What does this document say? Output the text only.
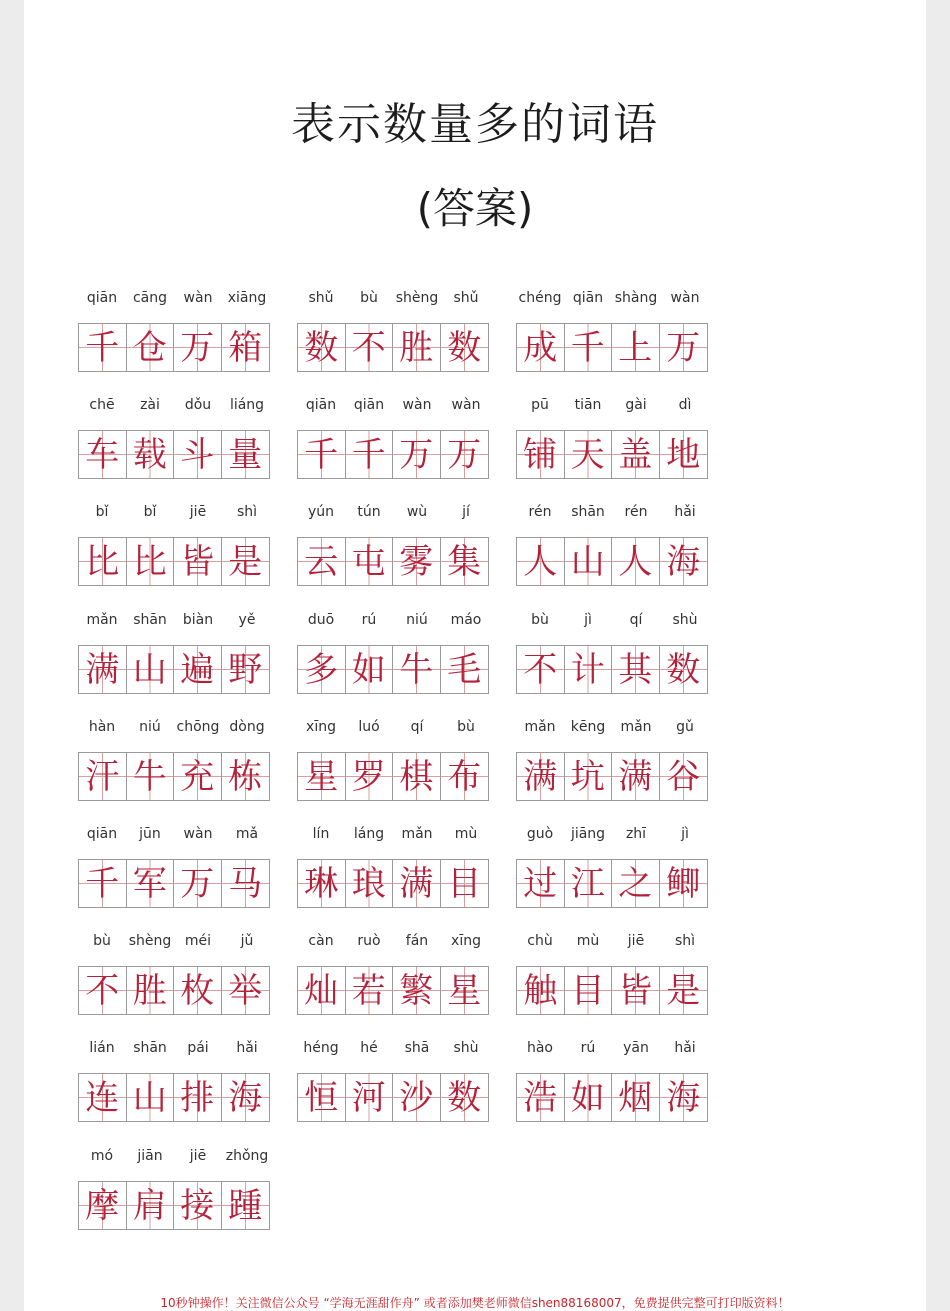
表示数量多的词语
(答案)
qiān	cāng	wàn	xiāng
千 仓 万 箱
shǔ	bù	shèng	shǔ
数 不 胜 数
chéng qiān shàng wàn
成 千 上 万
chē	zài	dǒu	liáng
车 载 斗 量
qiān	qiān	wàn	wàn
千 千 万 万
pū	tiān	gài	dì
铺 天 盖 地
bǐ	bǐ	jiē	shì
比 比 皆 是
yún	tún	wù	jí
云 屯 雾 集
rén	shān	rén	hǎi
人 山 人 海
mǎn	shān	biàn	yě
满 山 遍 野
duō	rú	niú	máo
多 如 牛 毛
bù	jì	qí	shù
不 计 其 数
hàn	niú	chōng dòng
汗 牛 充 栋
xīng	luó	qí	bù
星 罗 棋 布
mǎn	kēng	mǎn	gǔ
满 坑 满 谷
qiān	jūn	wàn	mǎ
千 军 万 马
lín	láng	mǎn	mù
琳 琅 满 目
guò	jiāng	zhī	jì
过 江 之 鲫
bù	shèng méi	jǔ
不 胜 枚 举
càn	ruò	fán	xīng
灿 若 繁 星
chù	mù	jiē	shì
触 目 皆 是
lián	shān	pái	hǎi
连 山 排 海
héng	hé	shā	shù
恒 河 沙 数
hào	rú	yān	hǎi
浩 如 烟 海
mó	jiān	jiē	zhǒng
摩 肩 接 踵
10秒钟操作！关注微信公众号 “学海无涯甜作舟” 或者添加樊老师微信shen88168007，免费提供完整可打印版资料！
